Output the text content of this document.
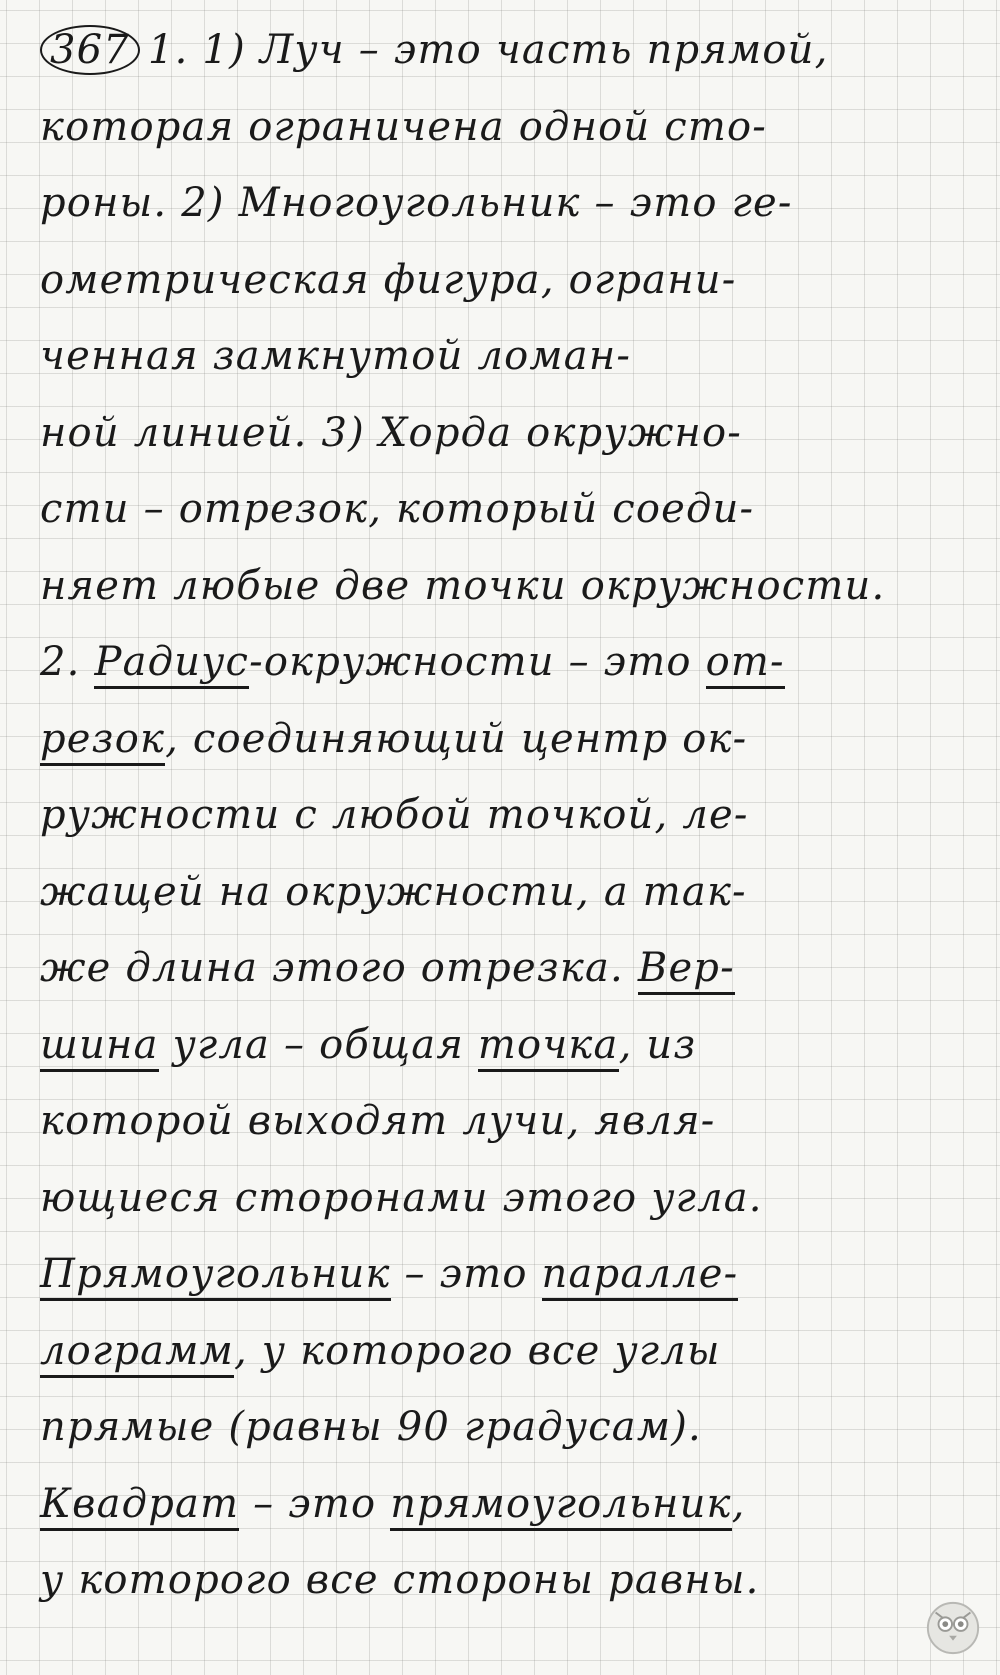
367 1. 1) Луч – это часть прямой,
которая ограничена одной сто-
роны. 2) Многоугольник – это ге-
ометрическая фигура, ограни-
ченная замкнутой ломан-
ной линией. 3) Хорда окружно-
сти – отрезок, который соеди-
няет любые две точки окружности.
2. Радиус-окружности – это от-
резок, соединяющий центр ок-
ружности с любой точкой, ле-
жащей на окружности, а так-
же длина этого отрезка. Вер-
шина угла – общая точка, из
которой выходят лучи, явля-
ющиеся сторонами этого угла.
Прямоугольник – это паралле-
лограмм, у которого все углы
прямые (равны 90 градусам).
Квадрат – это прямоугольник,
у которого все стороны равны.
